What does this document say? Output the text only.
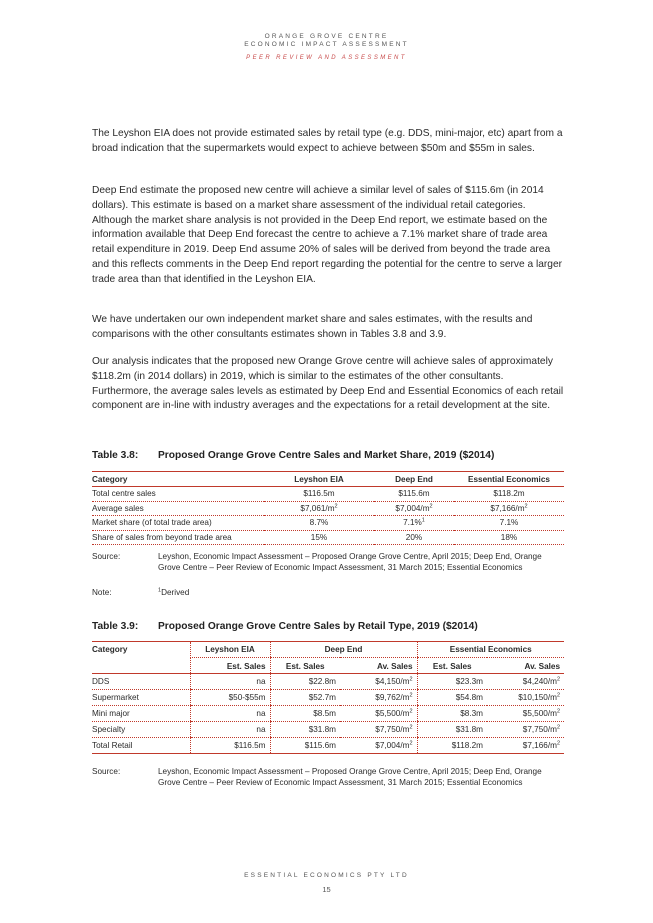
ORANGE GROVE CENTRE
ECONOMIC IMPACT ASSESSMENT
PEER REVIEW AND ASSESSMENT

The Leyshon EIA does not provide estimated sales by retail type (e.g. DDS, mini-major, etc) apart from a broad indication that the supermarkets would expect to achieve between $50m and $55m in sales.

Deep End estimate the proposed new centre will achieve a similar level of sales of $115.6m (in 2014 dollars). This estimate is based on a market share assessment of the individual retail categories. Although the market share analysis is not provided in the Deep End report, we estimate based on the information available that Deep End forecast the centre to achieve a 7.1% market share of trade area retail expenditure in 2019. Deep End assume 20% of sales will be derived from beyond the trade area and this reflects comments in the Deep End report regarding the potential for the centre to serve a larger trade area than that identified in the Leyshon EIA.

We have undertaken our own independent market share and sales estimates, with the results and comparisons with the other consultants estimates shown in Tables 3.8 and 3.9.

Our analysis indicates that the proposed new Orange Grove centre will achieve sales of approximately $118.2m (in 2014 dollars) in 2019, which is similar to the estimates of the other consultants. Furthermore, the average sales levels as estimated by Deep End and Essential Economics of each retail component are in-line with industry averages and the expectations for a retail development at the site.

Table 3.8: Proposed Orange Grove Centre Sales and Market Share, 2019 ($2014)
Category	Leyshon EIA	Deep End	Essential Economics
Total centre sales	$116.5m	$115.6m	$118.2m
Average sales	$\$7,061/m^2$	$\$7,004/m^2$	$\$7,166/m^2$
Market share (of total trade area)	8.7%	7.1%$^1$	7.1%
Share of sales from beyond trade area	15%	20%	18%
Source:	Leyshon, Economic Impact Assessment – Proposed Orange Grove Centre, April 2015; Deep End, Orange Grove Centre – Peer Review of Economic Impact Assessment, 31 March 2015; Essential Economics
Note:	$^1$Derived
Table 3.9: Proposed Orange Grove Centre Sales by Retail Type, 2019 ($2014)
Category	Leyshon EIA	Deep End		Essential Economics	
	Est. Sales	Est. Sales	Av. Sales	Est. Sales	Av. Sales
DDS	na	$22.8m	$\$4,150/m^2$	$23.3m	$\$4,240/m^2$
Supermarket	$50-$55m	$52.7m	$\$9,762/m^2$	$54.8m	$\$10,150/m^2$
Mini major	na	$8.5m	$\$5,500/m^2$	$8.3m	$\$5,500/m^2$
Specialty	na	$31.8m	$\$7,750/m^2$	$31.8m	$\$7,750/m^2$
Total Retail	$116.5m	$115.6m	$\$7,004/m^2$	$118.2m	$\$7,166/m^2$
Source:	Leyshon, Economic Impact Assessment – Proposed Orange Grove Centre, April 2015; Deep End, Orange Grove Centre – Peer Review of Economic Impact Assessment, 31 March 2015; Essential Economics
ESSENTIAL ECONOMICS PTY LTD
15
